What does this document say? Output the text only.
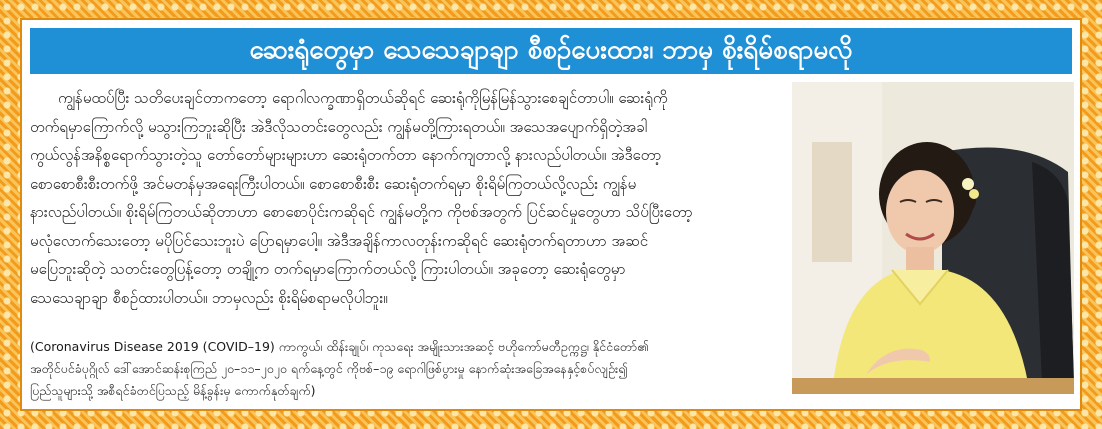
ဆေးရုံတွေမှာ သေသေချာချာ စီစဉ်ပေးထား၊ ဘာမှ စိုးရိမ်စရာမလို
ကျွန်မထပ်ပြီး သတိပေးချင်တာကတော့ ရောဂါလက္ခဏာရှိတယ်ဆိုရင် ဆေးရုံကိုမြန်မြန်သွားစေချင်တာပါ။ ဆေးရုံကို
တက်ရမှာကြောက်လို့ မသွားကြဘူးဆိုပြီး အဲဒီလိုသတင်းတွေလည်း ကျွန်မတို့ကြားရတယ်။ အသေအပျောက်ရှိတဲ့အခါ
ကွယ်လွန်အနိစ္စရောက်သွားတဲ့သူ တော်တော်များများဟာ ဆေးရုံတက်တာ နောက်ကျတာလို့ နားလည်ပါတယ်။ အဲဒီတော့
စောစောစီးစီးတက်ဖို့ အင်မတန်မှအရေးကြီးပါတယ်။ စောစောစီးစီး ဆေးရုံတက်ရမှာ စိုးရိမ်ကြတယ်လို့လည်း ကျွန်မ
နားလည်ပါတယ်။ စိုးရိမ်ကြတယ်ဆိုတာဟာ စောစောပိုင်းကဆိုရင် ကျွန်မတို့က ကိုဗစ်အတွက် ပြင်ဆင်မှုတွေဟာ သိပ်ပြီးတော့
မလုံလောက်သေးတော့ မပိုပြင်သေးဘူးပဲ ပြောရမှာပေါ့။ အဲဒီအချိန်ကာလတုန်းကဆိုရင် ဆေးရုံတက်ရတာဟာ အဆင်
မပြေဘူးဆိုတဲ့ သတင်းတွေပြန့်တော့ တချို့က တက်ရမှာကြောက်တယ်လို့ ကြားပါတယ်။ အခုတော့ ဆေးရုံတွေမှာ
သေသေချာချာ စီစဉ်ထားပါတယ်။ ဘာမှလည်း စိုးရိမ်စရာမလိုပါဘူး။
(Coronavirus Disease 2019 (COVID–19) ကာကွယ်၊ ထိန်းချုပ်၊ ကုသရေး အမျိုးသားအဆင့် ဗဟိုကော်မတီဥက္ကဋ္ဌ၊ နိုင်ငံတော်၏
အတိုင်ပင်ခံပုဂ္ဂိုလ် ဒေါ်အောင်ဆန်းစုကြည် ၂၀–၁၁–၂၀၂၀ ရက်နေ့တွင် ကိုဗစ်–၁၉ ရောဂါဖြစ်ပွားမှု နောက်ဆုံးအခြေအနေနှင့်စပ်လျဉ်း၍
ပြည်သူများသို့ အစီရင်ခံတင်ပြသည့် မိန့်ခွန်းမှ ကောက်နုတ်ချက်)
